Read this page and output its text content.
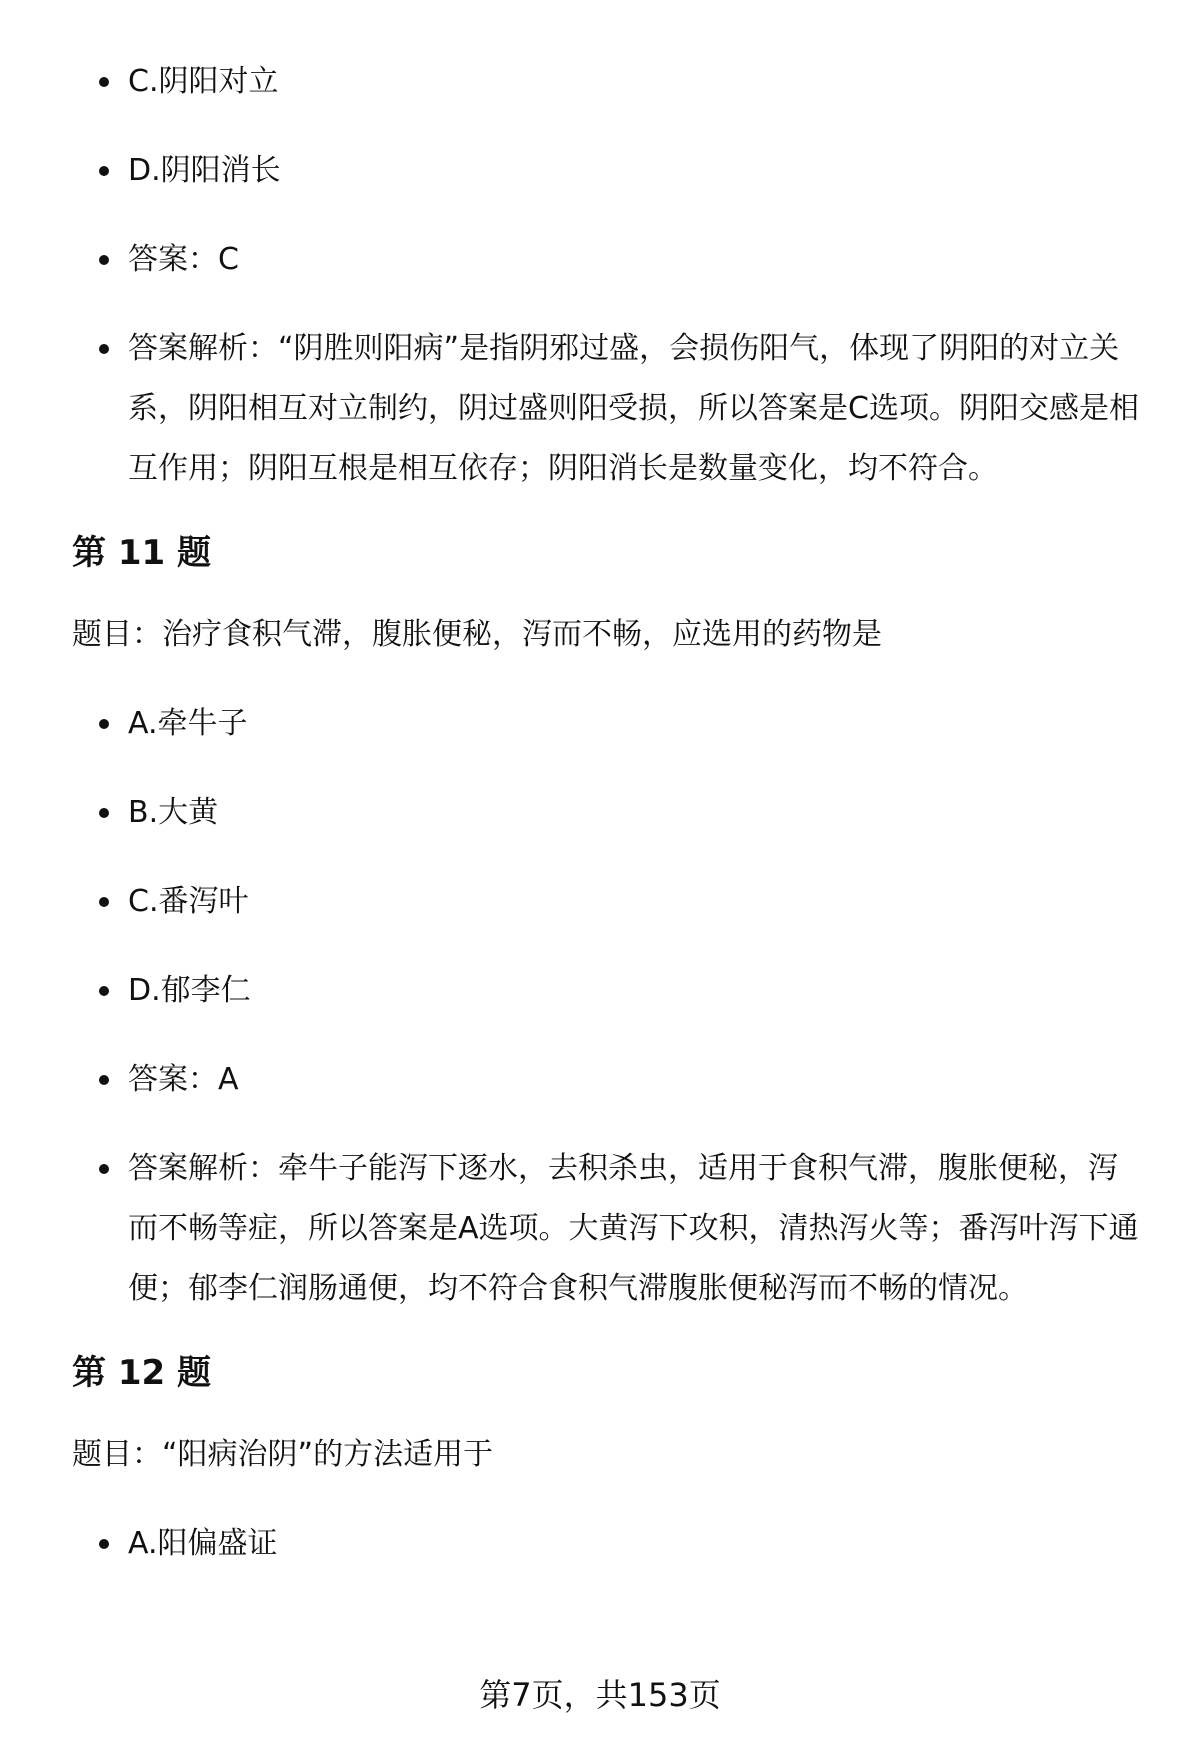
C.阴阳对立
D.阴阳消长
答案：C
答案解析：“阴胜则阳病”是指阴邪过盛，会损伤阳气，体现了阴阳的对立关系，阴阳相互对立制约，阴过盛则阳受损，所以答案是C选项。阴阳交感是相互作用；阴阳互根是相互依存；阴阳消长是数量变化，均不符合。
第 11 题

题目：治疗食积气滞，腹胀便秘，泻而不畅，应选用的药物是

A.牵牛子
B.大黄
C.番泻叶
D.郁李仁
答案：A
答案解析：牵牛子能泻下逐水，去积杀虫，适用于食积气滞，腹胀便秘，泻而不畅等症，所以答案是A选项。大黄泻下攻积，清热泻火等；番泻叶泻下通便；郁李仁润肠通便，均不符合食积气滞腹胀便秘泻而不畅的情况。
第 12 题

题目：“阳病治阴”的方法适用于

A.阳偏盛证
第7页，共153页
